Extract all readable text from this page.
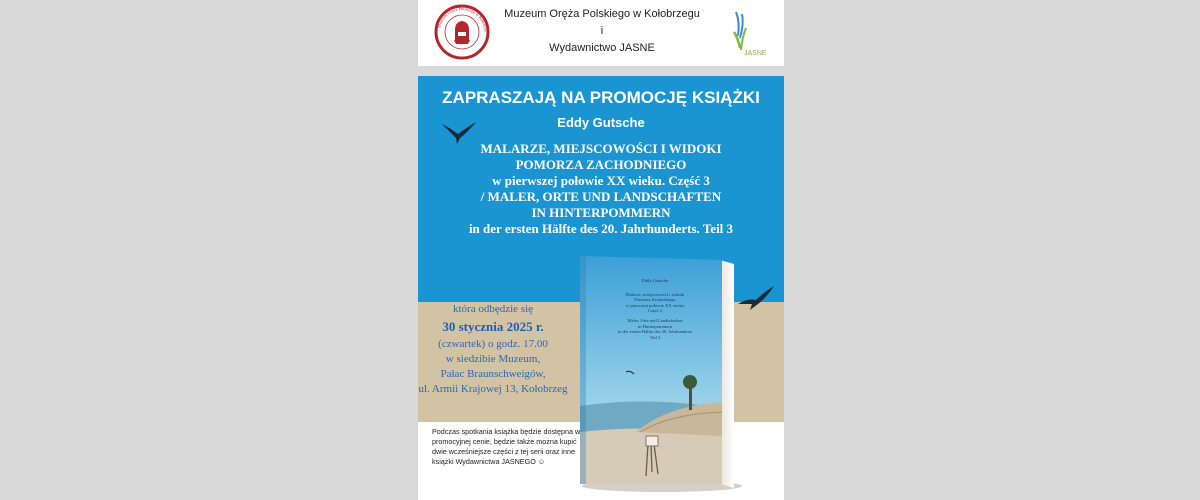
Muzeum Oręża Polskiego w Kołobrze
Muzeum Oręża Polskiego w Kołobrzegu
i
Wydawnictwo JASNE	JASNE
ZAPRASZAJĄ NA PROMOCJĘ KSIĄŻKI
Eddy Gutsche
MALARZE, MIEJSCOWOŚCI I WIDOKI
POMORZA ZACHODNIEGO
w pierwszej połowie XX wieku. Część 3
/ MALER, ORTE UND LANDSCHAFTEN
IN HINTERPOMMERN
in der ersten Hälfte des 20. Jahrhunderts. Teil 3
która odbędzie się
30 stycznia 2025 r.
(czwartek) o godz. 17.00
w siedzibie Muzeum,
Pałac Braunschweigów,
ul. Armii Krajowej 13, Kołobrzeg
Podczas spotkania książka będzie dostępna w promocyjnej cenie, będzie także można kupić dwie wcześniejsze części z tej serii oraz inne książki Wydawnictwa JASNEGO ☺
Eddy Gutsche
Malarze, miejscowości i widoki
Pomorza Zachodniego
w pierwszej połowie XX wieku
Część 3
Maler, Orte und Landschaften
in Hinterpommern
in der ersten Hälfte des 20. Jahrhunderts
Teil 3
